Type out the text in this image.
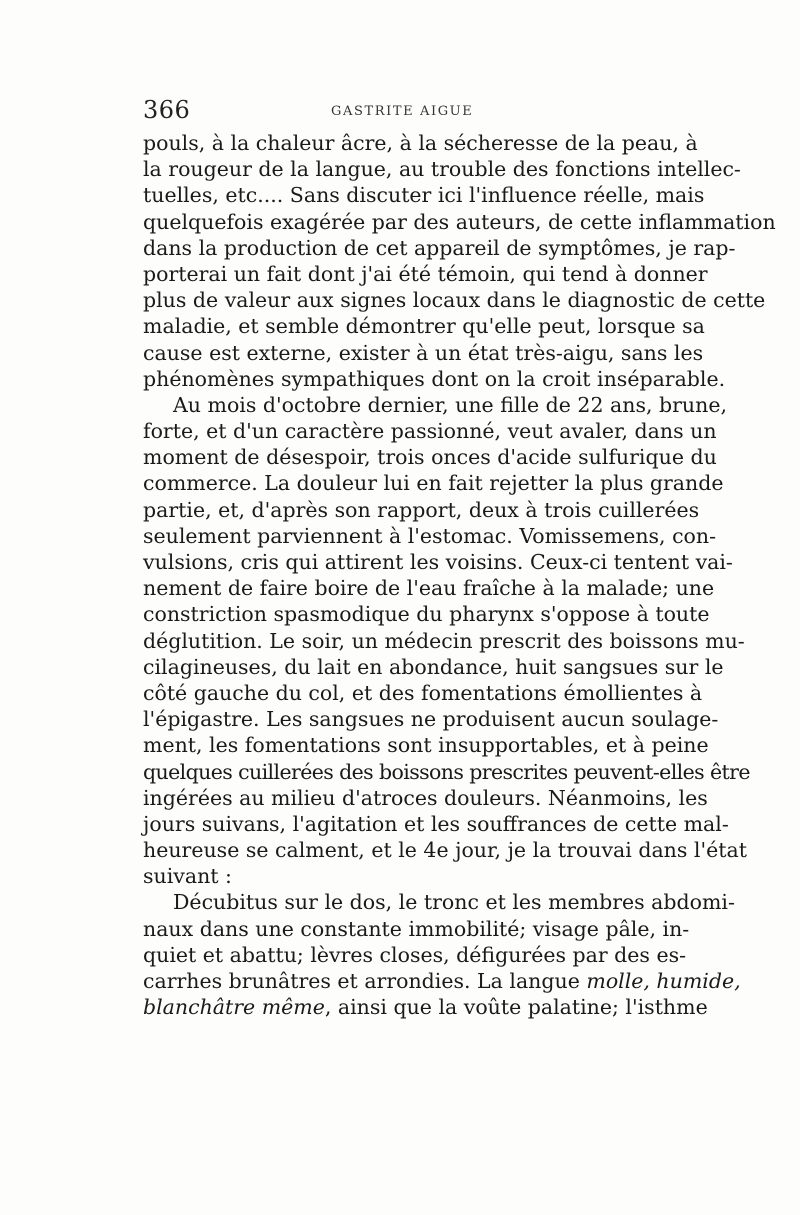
366	GASTRITE AIGUE
pouls, à la chaleur âcre, à la sécheresse de la peau, à
la rougeur de la langue, au trouble des fonctions intellec-
tuelles, etc.... Sans discuter ici l'influence réelle, mais
quelquefois exagérée par des auteurs, de cette inflammation
dans la production de cet appareil de symptômes, je rap-
porterai un fait dont j'ai été témoin, qui tend à donner
plus de valeur aux signes locaux dans le diagnostic de cette
maladie, et semble démontrer qu'elle peut, lorsque sa
cause est externe, exister à un état très-aigu, sans les
phénomènes sympathiques dont on la croit inséparable.
Au mois d'octobre dernier, une fille de 22 ans, brune,
forte, et d'un caractère passionné, veut avaler, dans un
moment de désespoir, trois onces d'acide sulfurique du
commerce. La douleur lui en fait rejetter la plus grande
partie, et, d'après son rapport, deux à trois cuillerées
seulement parviennent à l'estomac. Vomissemens, con-
vulsions, cris qui attirent les voisins. Ceux-ci tentent vai-
nement de faire boire de l'eau fraîche à la malade; une
constriction spasmodique du pharynx s'oppose à toute
déglutition. Le soir, un médecin prescrit des boissons mu-
cilagineuses, du lait en abondance, huit sangsues sur le
côté gauche du col, et des fomentations émollientes à
l'épigastre. Les sangsues ne produisent aucun soulage-
ment, les fomentations sont insupportables, et à peine
quelques cuillerées des boissons prescrites peuvent-elles être
ingérées au milieu d'atroces douleurs. Néanmoins, les
jours suivans, l'agitation et les souffrances de cette mal-
heureuse se calment, et le 4e jour, je la trouvai dans l'état
suivant :
Décubitus sur le dos, le tronc et les membres abdomi-
naux dans une constante immobilité; visage pâle, in-
quiet et abattu; lèvres closes, défigurées par des es-
carrhes brunâtres et arrondies. La langue molle, humide,
blanchâtre même, ainsi que la voûte palatine; l'isthme
